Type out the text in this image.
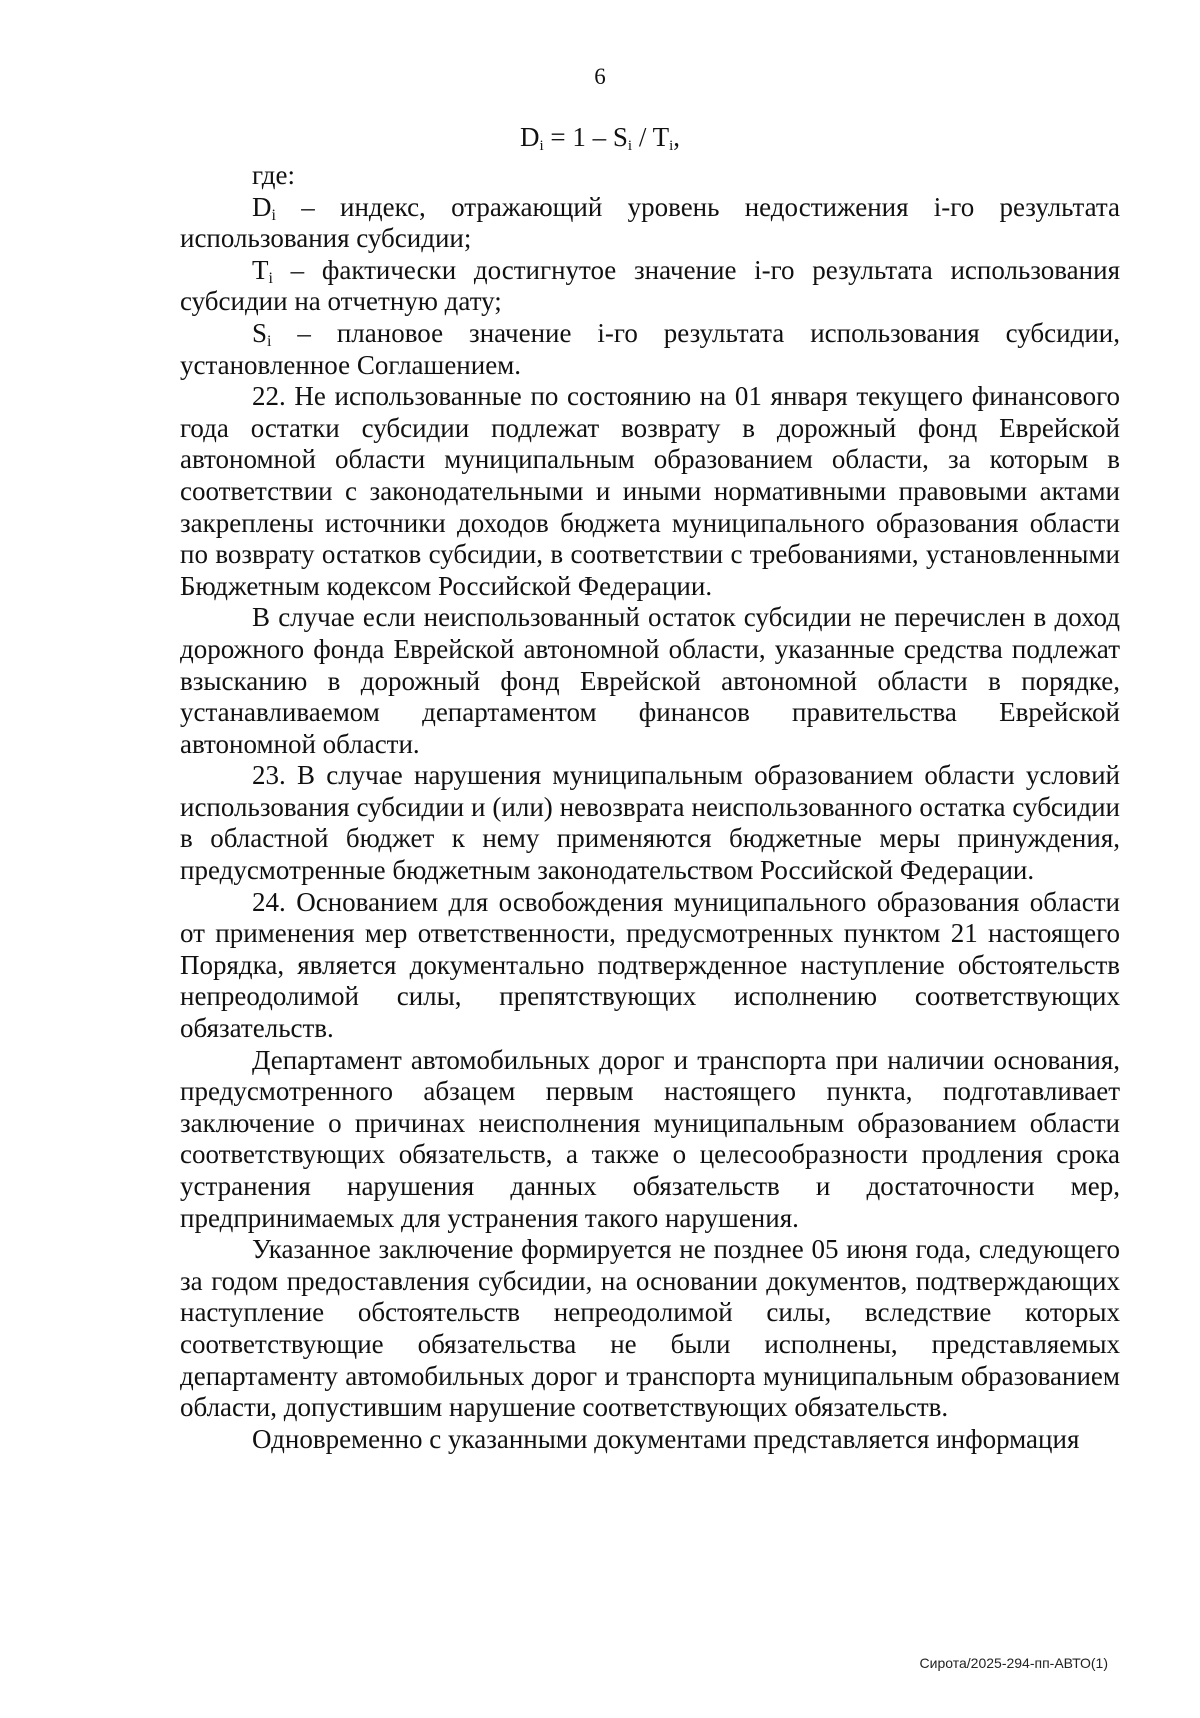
6
$D_i = 1 - S_i / T_i$,

где:

$D_i$ – индекс, отражающий уровень недостижения i-го результата использования субсидии;

$T_i$ – фактически достигнутое значение i-го результата использования субсидии на отчетную дату;

$S_i$ – плановое значение i-го результата использования субсидии, установленное Соглашением.

22. Не использованные по состоянию на 01 января текущего финансового года остатки субсидии подлежат возврату в дорожный фонд Еврейской автономной области муниципальным образованием области, за которым в соответствии с законодательными и иными нормативными правовыми актами закреплены источники доходов бюджета муниципального образования области по возврату остатков субсидии, в соответствии с требованиями, установленными Бюджетным кодексом Российской Федерации.

В случае если неиспользованный остаток субсидии не перечислен в доход дорожного фонда Еврейской автономной области, указанные средства подлежат взысканию в дорожный фонд Еврейской автономной области в порядке, устанавливаемом департаментом финансов правительства Еврейской автономной области.

23. В случае нарушения муниципальным образованием области условий использования субсидии и (или) невозврата неиспользованного остатка субсидии в областной бюджет к нему применяются бюджетные меры принуждения, предусмотренные бюджетным законодательством Российской Федерации.

24. Основанием для освобождения муниципального образования области от применения мер ответственности, предусмотренных пунктом 21 настоящего Порядка, является документально подтвержденное наступление обстоятельств непреодолимой силы, препятствующих исполнению соответствующих обязательств.

Департамент автомобильных дорог и транспорта при наличии основания, предусмотренного абзацем первым настоящего пункта, подготавливает заключение о причинах неисполнения муниципальным образованием области соответствующих обязательств, а также о целесообразности продления срока устранения нарушения данных обязательств и достаточности мер, предпринимаемых для устранения такого нарушения.

Указанное заключение формируется не позднее 05 июня года, следующего за годом предоставления субсидии, на основании документов, подтверждающих наступление обстоятельств непреодолимой силы, вследствие которых соответствующие обязательства не были исполнены, представляемых департаменту автомобильных дорог и транспорта муниципальным образованием области, допустившим нарушение соответствующих обязательств.

Одновременно с указанными документами представляется информация

Сирота/2025-294-пп-АВТО(1)
